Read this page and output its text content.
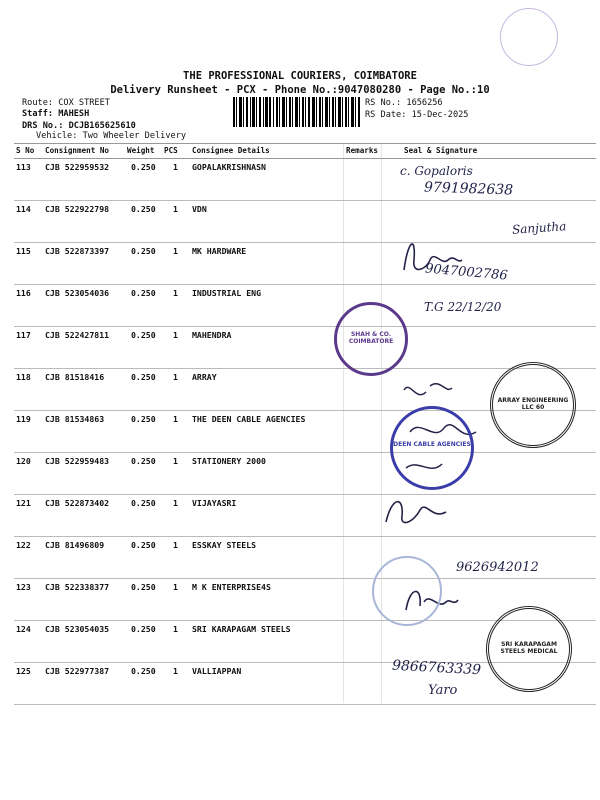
THE PROFESSIONAL COURIERS, COIMBATORE
Delivery Runsheet - PCX - Phone No.:9047080280 - Page No.:10
Route: COX STREET
Staff: MAHESH
DRS No.: DCJB165625610
Vehicle: Two Wheeler Delivery
RS No.: 1656256
RS Date: 15-Dec-2025
S No Consignment No Weight PCS Consignee Details	Remarks	Seal & Signature
113 CJB 522959532	0.250 1 GOPALAKRISHNASN
114 CJB 522922798	0.250 1 VDN
115 CJB 522873397	0.250 1 MK HARDWARE
116 CJB 523054036	0.250 1 INDUSTRIAL ENG
117 CJB 522427811	0.250 1 MAHENDRA
118 CJB 81518416	0.250 1 ARRAY
119 CJB 81534863	0.250 1 THE DEEN CABLE AGENCIES
120 CJB 522959483	0.250 1 STATIONERY 2000
121 CJB 522873402	0.250 1 VIJAYASRI
122 CJB 81496809	0.250 1 ESSKAY STEELS
123 CJB 522338377	0.250 1 M K ENTERPRISE4S
124 CJB 523054035	0.250 1 SRI KARAPAGAM STEELS
125 CJB 522977387	0.250 1 VALLIAPPAN
c. Gopaloris
9791982638
Sanjutha
9047002786
T.G 22/12/20
9626942012
9866763339
Yaro
SHAH & CO. COIMBATORE
ARRAY ENGINEERING LLC 60
DEEN CABLE AGENCIES
SRI KARAPAGAM STEELS MEDICAL
